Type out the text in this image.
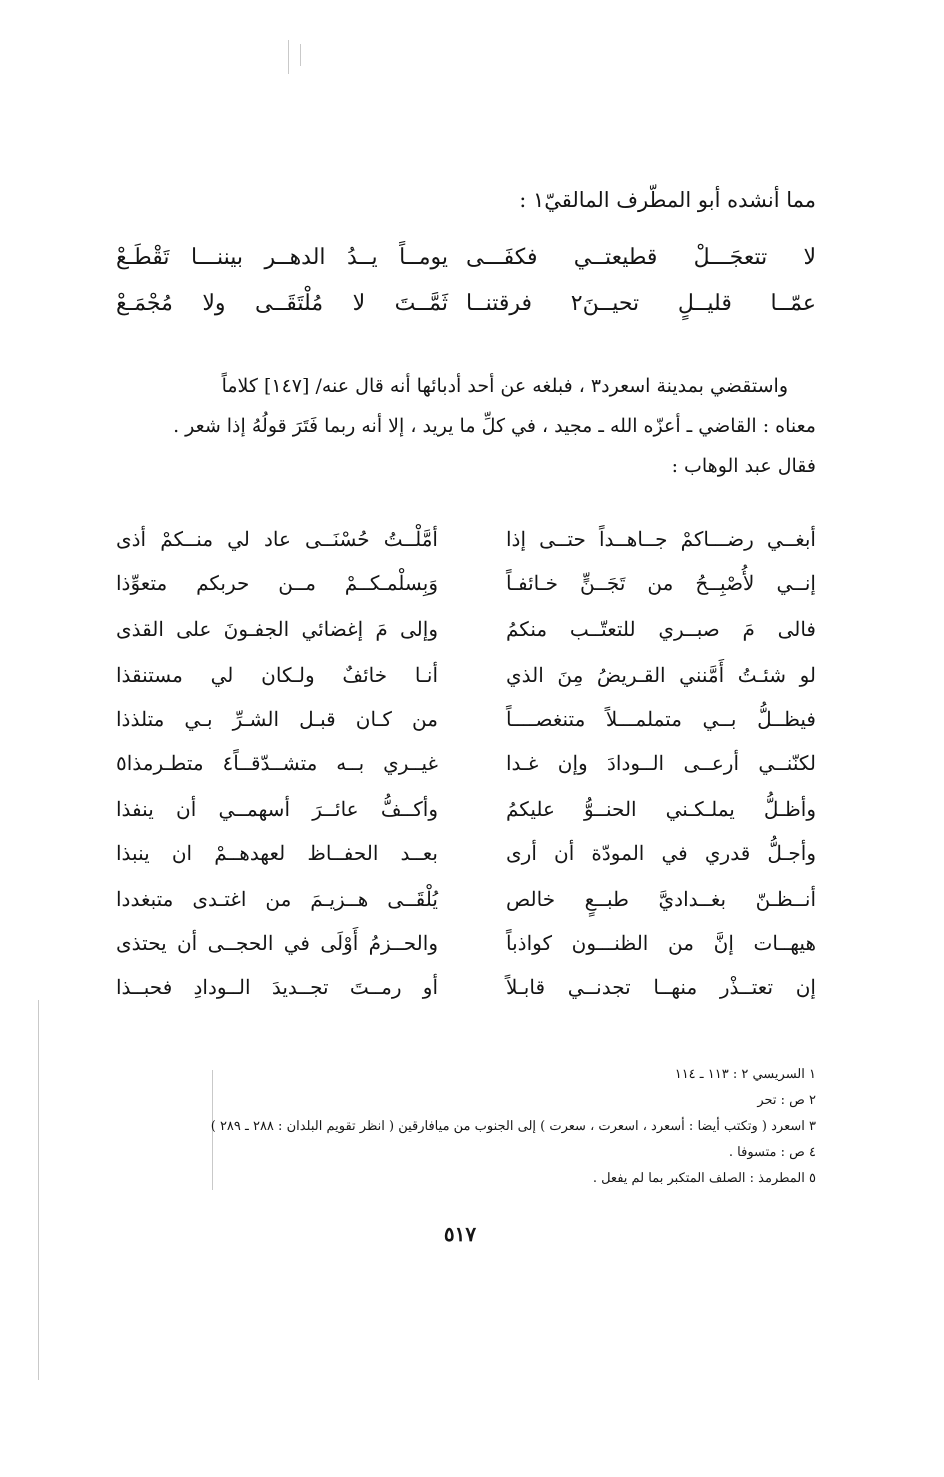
مما أنشده أبو المطّرف المالقيّ١ :
لا تتعجَـــلْ قطيعتــي فكفَـــى
يومــاً يــدُ الدهــر بيننـــا تَقْطَـعْ
عمّــا قليــلٍ تحيــنَ٢ فرقتنــا
ثَمَّــتَ لا مُلْتَقَــى ولا مُجْمَـعْ

واستقضي بمدينة اسعرد٣ ، فبلغه عن أحد أدبائها أنه قال عنه/ [١٤٧] كلاماً

معناه : القاضي ـ أعزّه الله ـ مجيد ، في كلِّ ما يريد ، إلا أنه ربما فَتَرَ قولُهُ إذا شعر .

فقال عبد الوهاب :

أبغــي رضـــاكمْ جــاهــداً حتــى إذا
أمَّلْــتُ حُسْنَــى عاد لي منــكمْ أذى
إنــي لأُصْبِــحُ من تَجَــنٍّ خـائفـاً
وَبِسلْمـكــمْ مــن حربكم متعوِّذا
فالى مَ صبــري للتعتّــب منكمُ
وإلى مَ إغضائي الجفـونَ على القذى
لو شئـتُ أَمَّنني القـريضُ مِنَ الذي
أنـا خائفٌ ولـكان لي مستنقذا
فيظــلُّ بــي متملمـــلاً متنغصــــاً
من كـان قبـل الشـرِّ بـي متلذذا
لكنّنــي أرعــى الــودادَ وإن غـدا
غيــري بــه متشــدّقــاً٤ متطـرمذا٥
وأظـلُّ يملـكـني الحنــوُّ عليكمُ
وأكــفُّ عائــرَ أسهمــي أن ينفذا
وأجـلُّ قدري في المودّة أن أرى
بعــد الحفــاظ لعهدهــمْ ان ينبذا
أنــظـنّ بغــداديَّ طبــعٍ خالص
يُلْقَــى هــزيـمَ من اغتـدى متبغددا
هيهــات إنَّ من الظنـــون كواذباً
والحــزمُ أَوْلَى في الحجــى أن يحتذى
إن تعتــذْر منهــا تجدنــي قابـلاً
أو رمــتَ تجــديدَ الــودادِ فحبــذا
١ السريسي ٢ : ١١٣ ـ ١١٤
٢ ص : تحر
٣ اسعرد ( وتكتب أيضا : أسعرد ، اسعرت ، سعرت ) إلى الجنوب من ميافارقين ( انظر تقويم البلدان : ٢٨٨ ـ ٢٨٩ )
٤ ص : متسوفا .
٥ المطرمذ : الصلف المتكبر بما لم يفعل .
٥١٧
